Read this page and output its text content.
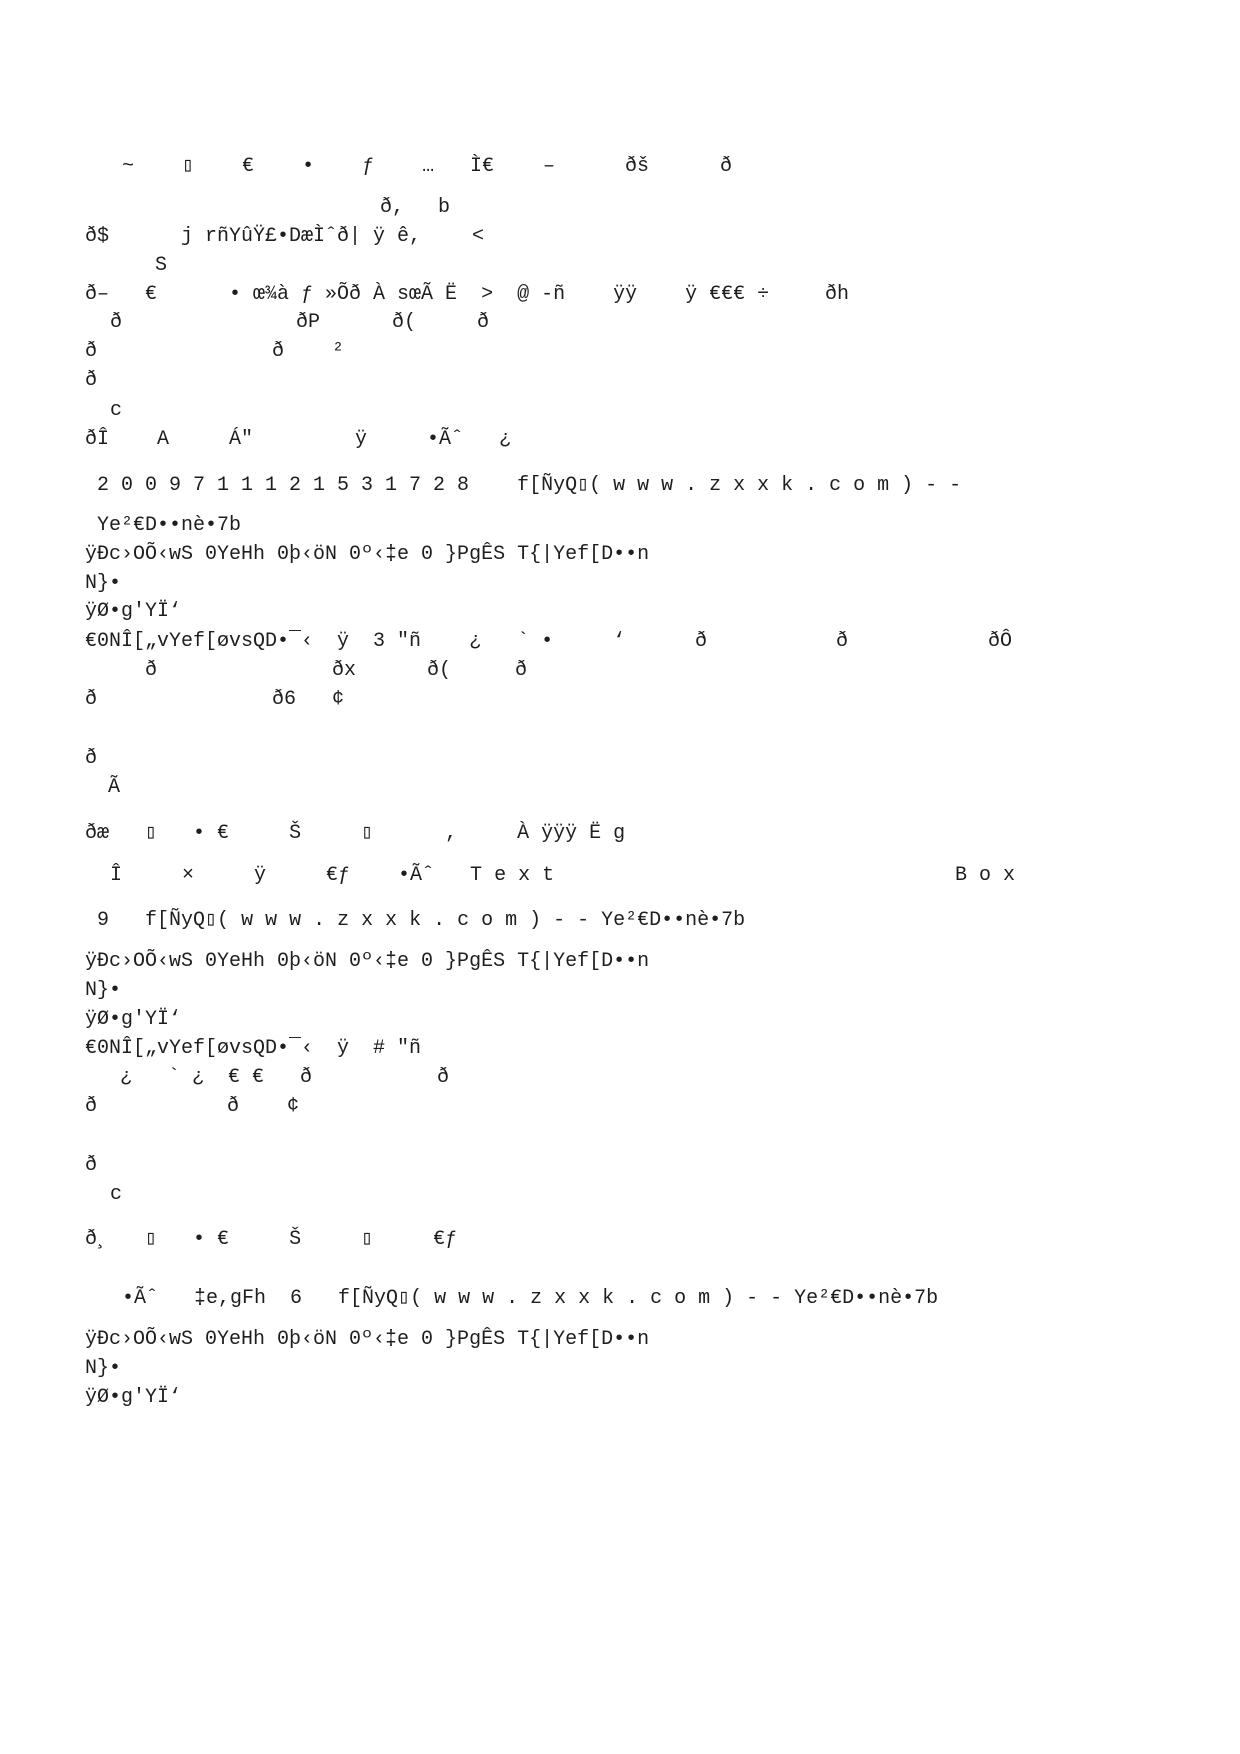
~    ▯    €    •    ƒ    … Ì€ –	ðš	ð
ð, b
ð$      j rñYûŸ£•DæÌˆð| ÿ ê,	<
S
ð–   €      • œ¾à ƒ »Õð À sœÃ Ë  >  @ -ñ    ÿÿ    ÿ €€€ ÷	ðh
ð	ðP	ð(	ð
ð	ð    ²
ð
c
ðÎ    A     Á"	ÿ	•Ãˆ   ¿
2 0 0 9 7 1 1 1 2 1 5 3 1 7 2 8    f[ÑyQ▯( w w w . z x x k . c o m ) - -
Ye²€D••nè•7b
ÿÐc›OÕ‹wS 0YeHh 0þ‹öN 0º‹‡e 0 }PgÊS T{|Yef[D••n
N}•
ÿØ•g'YÏ‘
€0NÎ[„vYef[øvsQD•¯‹  ÿ  3 "ñ    ¿   ` •     ‘	ð	ð	ðÔ
ð	ðx	ð(	ð
ð	ð6   ¢
ð
Ã
ðæ   ▯   • €     Š     ▯      ,     À ÿÿÿ Ë g
Î     ×     ÿ     €ƒ    •Ãˆ   T e x t	B o x
9   f[ÑyQ▯( w w w . z x x k . c o m ) - - Ye²€D••nè•7b
ÿÐc›OÕ‹wS 0YeHh 0þ‹öN 0º‹‡e 0 }PgÊS T{|Yef[D••n
N}•
ÿØ•g'YÏ‘
€0NÎ[„vYef[øvsQD•¯‹  ÿ  # "ñ
¿   ` ¿  € €   ð	ð
ð	ð    ¢
ð
c
ð¸   ▯   • €     Š     ▯     €ƒ
•Ãˆ   ‡e,gFh  6   f[ÑyQ▯( w w w . z x x k . c o m ) - - Ye²€D••nè•7b
ÿÐc›OÕ‹wS 0YeHh 0þ‹öN 0º‹‡e 0 }PgÊS T{|Yef[D••n
N}•
ÿØ•g'YÏ‘
